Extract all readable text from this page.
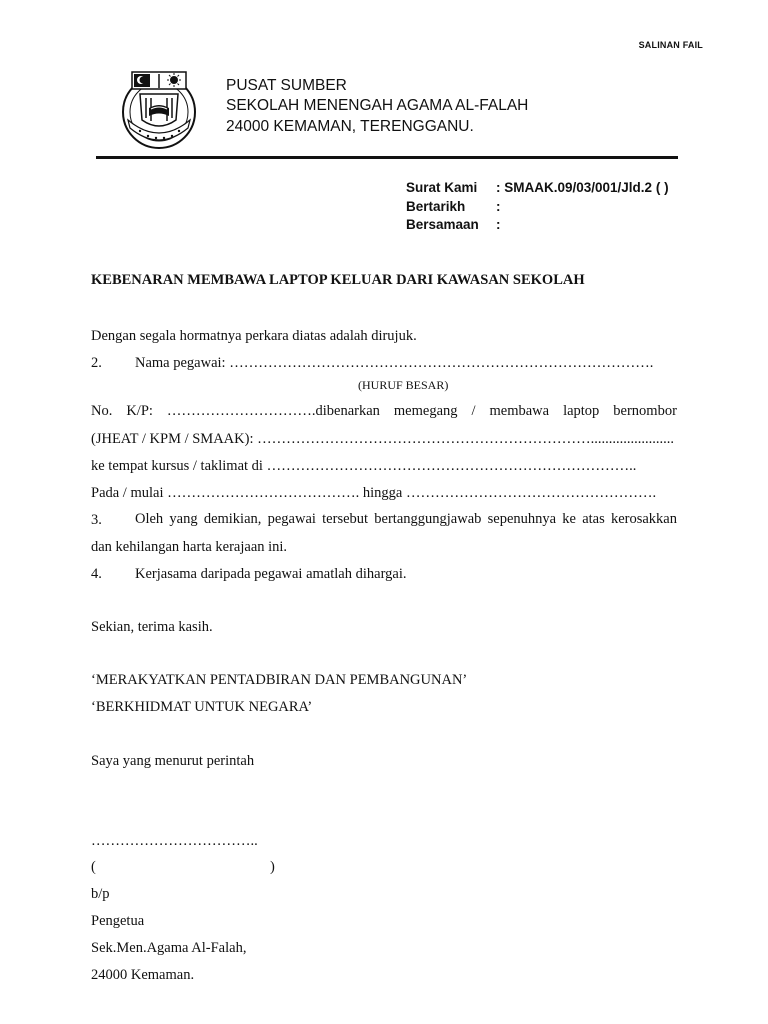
SALINAN FAIL
PUSAT SUMBER
SEKOLAH MENENGAH AGAMA AL-FALAH
24000 KEMAMAN, TERENGGANU.
Surat Kami : SMAAK.09/03/001/Jld.2 ( )
Bertarikh :
Bersamaan :
KEBENARAN MEMBAWA LAPTOP KELUAR DARI KAWASAN SEKOLAH
Dengan segala hormatnya perkara diatas adalah dirujuk.
2. Nama pegawai: …………………………………………………………………………….
(HURUF BESAR)
No. K/P: ………………………….dibenarkan memegang / membawa laptop bernombor
(JHEAT / KPM / SMAAK): …………………………………………………………….......................
ke tempat kursus / taklimat di …………………………………………………………………..
Pada / mulai …………………………………. hingga …………………………………………….
3. Oleh yang demikian, pegawai tersebut bertanggungjawab sepenuhnya ke atas kerosakkan
dan kehilangan harta kerajaan ini.
4. Kerjasama daripada pegawai amatlah dihargai.
Sekian, terima kasih.
‘MERAKYATKAN PENTADBIRAN DAN PEMBANGUNAN’
‘BERKHIDMAT UNTUK NEGARA’
Saya yang menurut perintah
……………………………..
(	)
b/p
Pengetua
Sek.Men.Agama Al-Falah,
24000 Kemaman.
